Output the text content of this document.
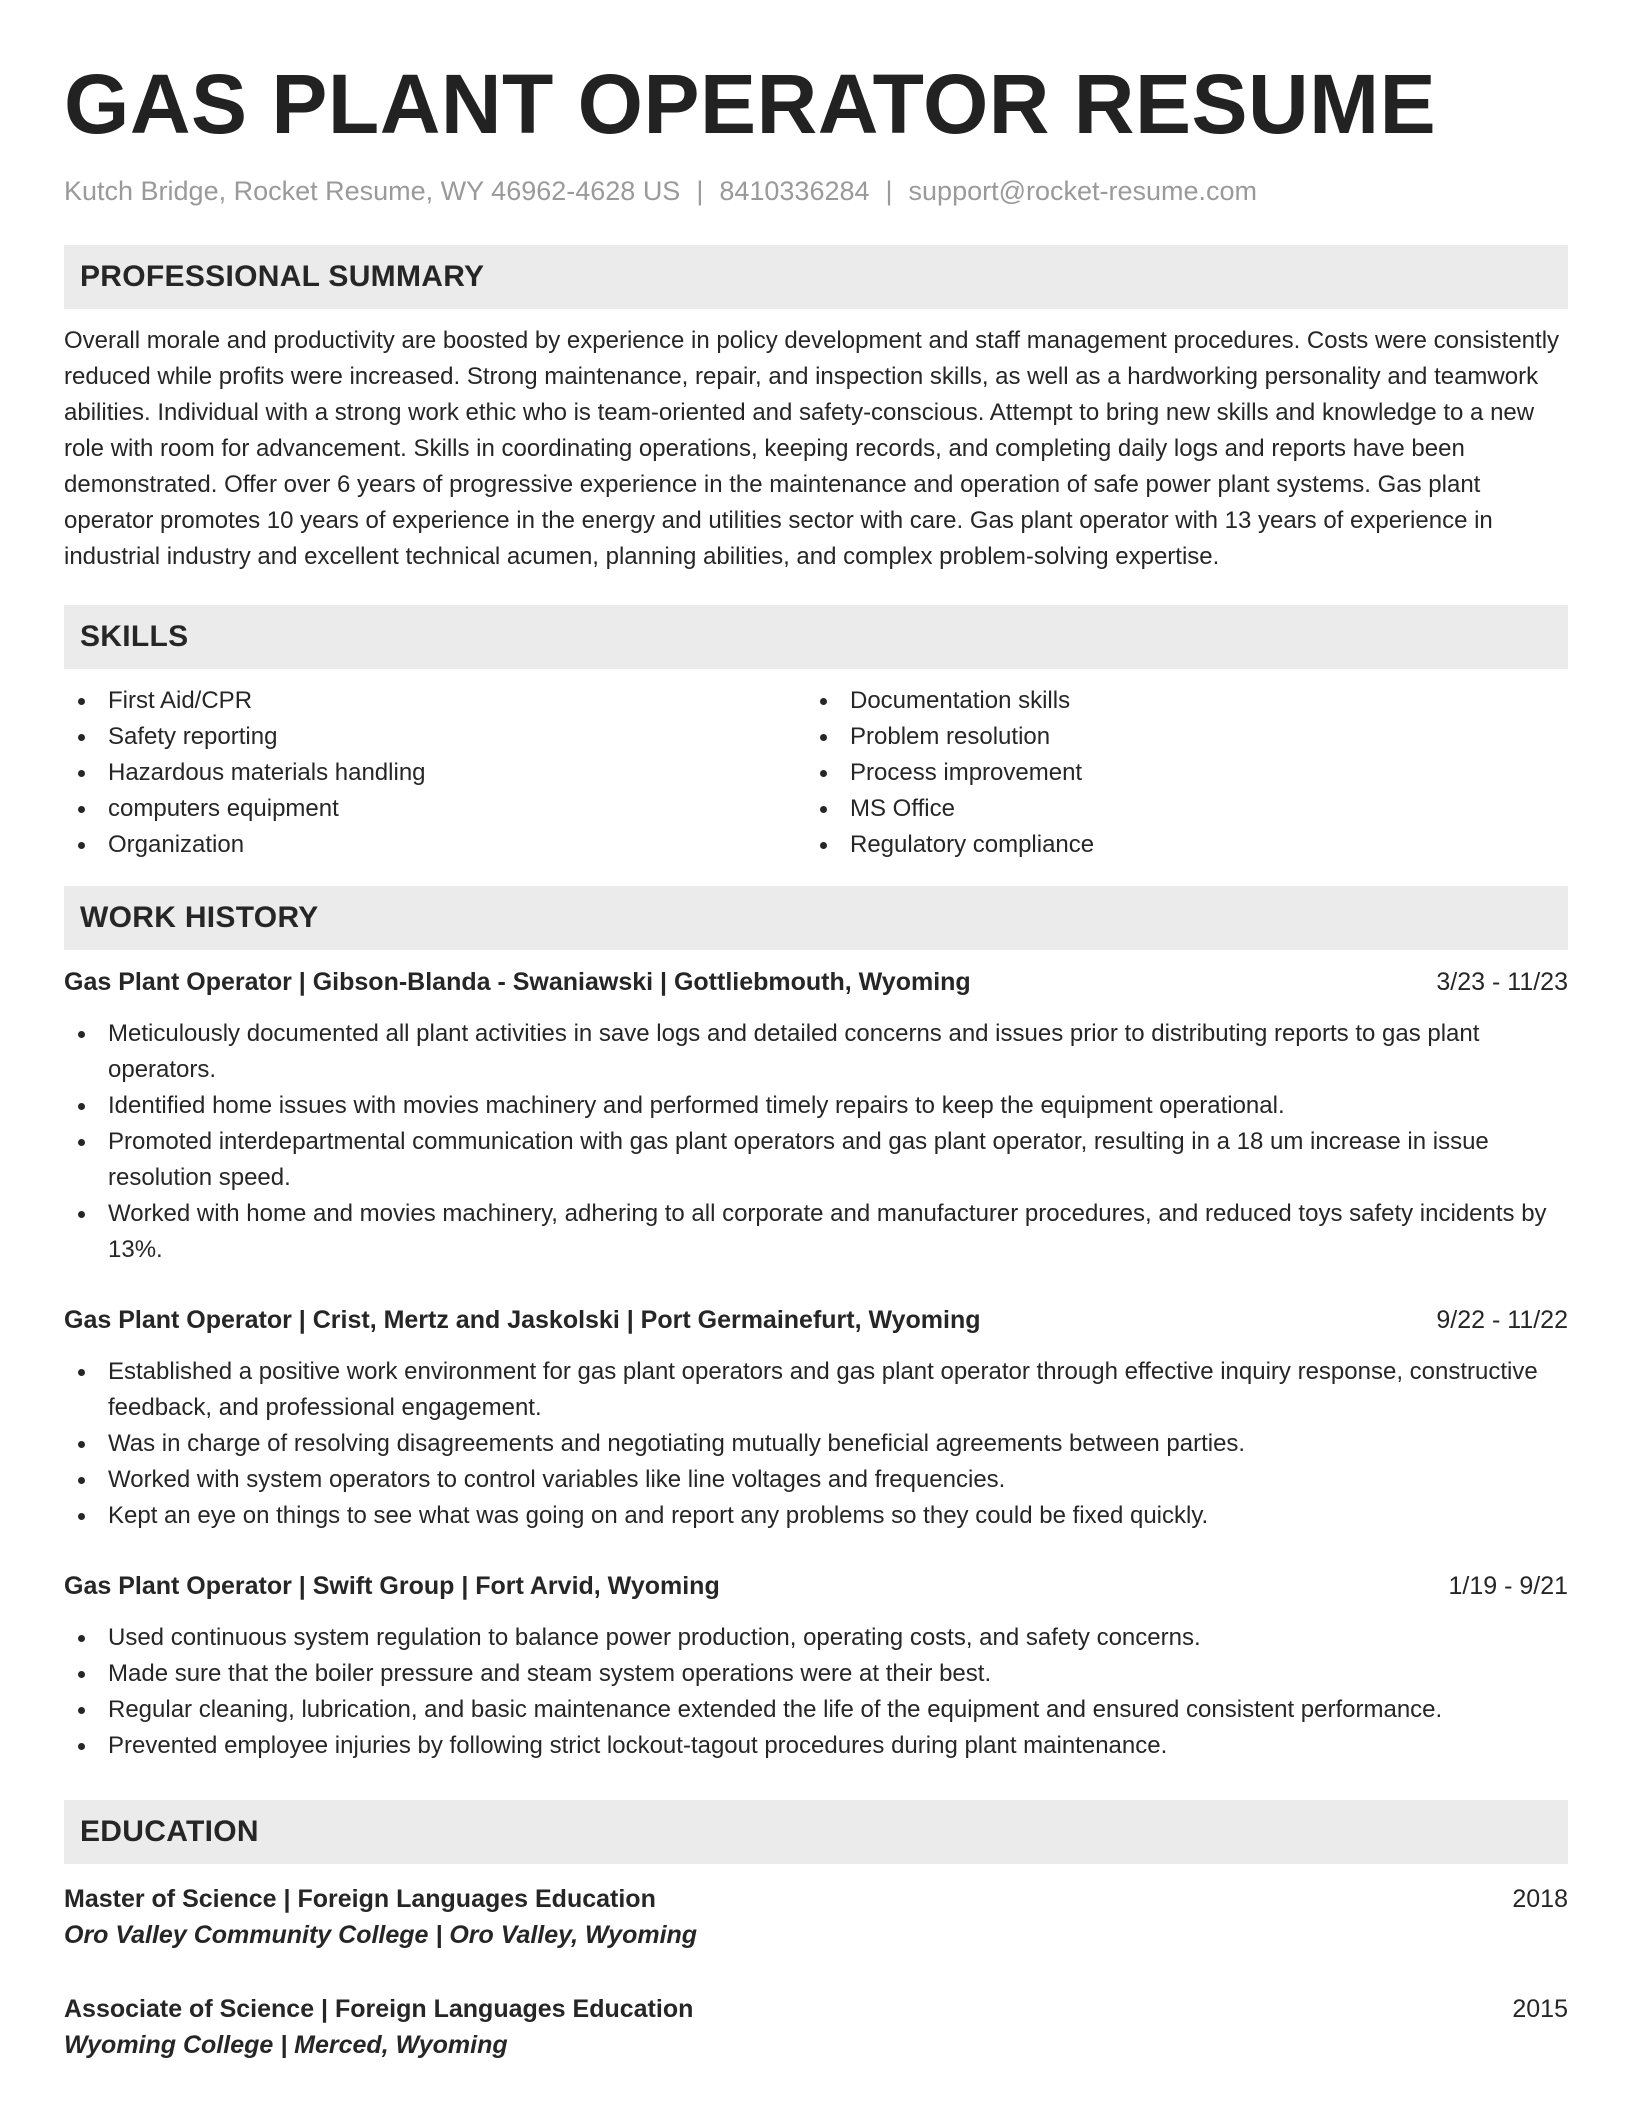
GAS PLANT OPERATOR RESUME
Kutch Bridge, Rocket Resume, WY 46962-4628 US | 8410336284 | support@rocket-resume.com
PROFESSIONAL SUMMARY
Overall morale and productivity are boosted by experience in policy development and staff management procedures. Costs were consistently reduced while profits were increased. Strong maintenance, repair, and inspection skills, as well as a hardworking personality and teamwork abilities. Individual with a strong work ethic who is team-oriented and safety-conscious. Attempt to bring new skills and knowledge to a new role with room for advancement. Skills in coordinating operations, keeping records, and completing daily logs and reports have been demonstrated. Offer over 6 years of progressive experience in the maintenance and operation of safe power plant systems. Gas plant operator promotes 10 years of experience in the energy and utilities sector with care. Gas plant operator with 13 years of experience in industrial industry and excellent technical acumen, planning abilities, and complex problem-solving expertise.
SKILLS
First Aid/CPR
Safety reporting
Hazardous materials handling
computers equipment
Organization
Documentation skills
Problem resolution
Process improvement
MS Office
Regulatory compliance
WORK HISTORY
Gas Plant Operator | Gibson-Blanda - Swaniawski | Gottliebmouth, Wyoming	3/23 - 11/23
Meticulously documented all plant activities in save logs and detailed concerns and issues prior to distributing reports to gas plant operators.
Identified home issues with movies machinery and performed timely repairs to keep the equipment operational.
Promoted interdepartmental communication with gas plant operators and gas plant operator, resulting in a 18 um increase in issue resolution speed.
Worked with home and movies machinery, adhering to all corporate and manufacturer procedures, and reduced toys safety incidents by 13%.
Gas Plant Operator | Crist, Mertz and Jaskolski | Port Germainefurt, Wyoming	9/22 - 11/22
Established a positive work environment for gas plant operators and gas plant operator through effective inquiry response, constructive feedback, and professional engagement.
Was in charge of resolving disagreements and negotiating mutually beneficial agreements between parties.
Worked with system operators to control variables like line voltages and frequencies.
Kept an eye on things to see what was going on and report any problems so they could be fixed quickly.
Gas Plant Operator | Swift Group | Fort Arvid, Wyoming	1/19 - 9/21
Used continuous system regulation to balance power production, operating costs, and safety concerns.
Made sure that the boiler pressure and steam system operations were at their best.
Regular cleaning, lubrication, and basic maintenance extended the life of the equipment and ensured consistent performance.
Prevented employee injuries by following strict lockout-tagout procedures during plant maintenance.
EDUCATION
Master of Science | Foreign Languages Education	2018
Oro Valley Community College | Oro Valley, Wyoming
Associate of Science | Foreign Languages Education	2015
Wyoming College | Merced, Wyoming
